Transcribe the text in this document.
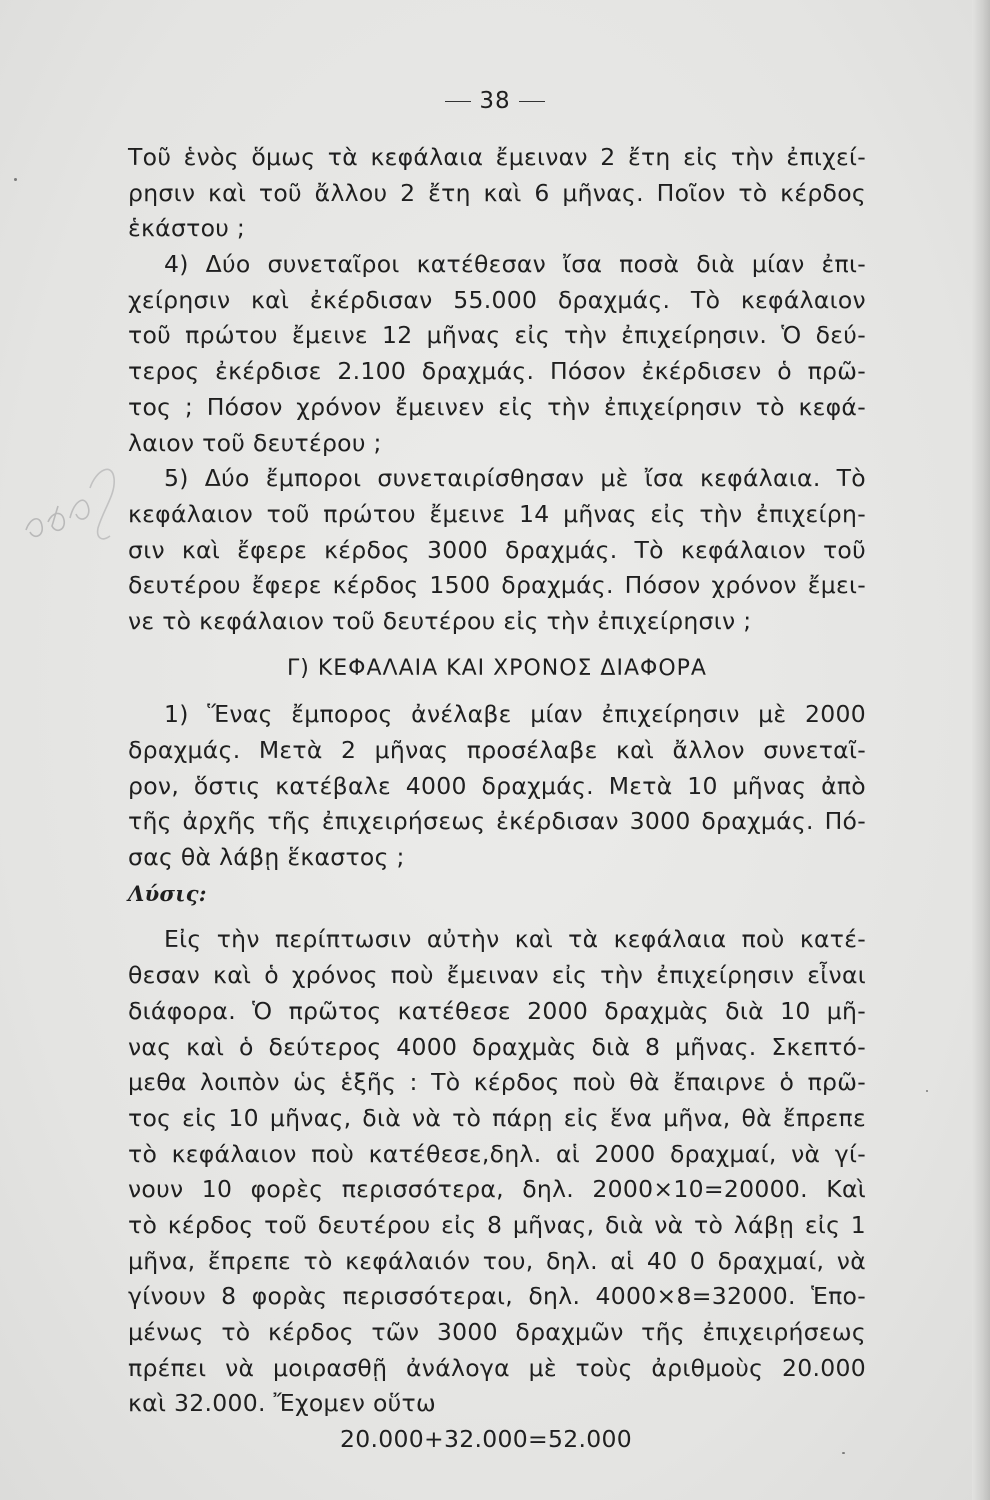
38
Τοῦ ἑνὸς ὅμως τὰ κεφάλαια ἔμειναν 2 ἔτη εἰς τὴν ἐπιχεί-
ρησιν καὶ τοῦ ἄλλου 2 ἔτη καὶ 6 μῆνας. Ποῖον τὸ κέρδος
ἑκάστου ;
4) Δύο συνεταῖροι κατέθεσαν ἴσα ποσὰ διὰ μίαν ἐπι-
χείρησιν καὶ ἐκέρδισαν 55.000 δραχμάς. Τὸ κεφάλαιον
τοῦ πρώτου ἔμεινε 12 μῆνας εἰς τὴν ἐπιχείρησιν. Ὁ δεύ-
τερος ἐκέρδισε 2.100 δραχμάς. Πόσον ἐκέρδισεν ὁ πρῶ-
τος ; Πόσον χρόνον ἔμεινεν εἰς τὴν ἐπιχείρησιν τὸ κεφά-
λαιον τοῦ δευτέρου ;
5) Δύο ἔμποροι συνεταιρίσθησαν μὲ ἴσα κεφάλαια. Τὸ
κεφάλαιον τοῦ πρώτου ἔμεινε 14 μῆνας εἰς τὴν ἐπιχείρη-
σιν καὶ ἔφερε κέρδος 3000 δραχμάς. Τὸ κεφάλαιον τοῦ
δευτέρου ἔφερε κέρδος 1500 δραχμάς. Πόσον χρόνον ἔμει-
νε τὸ κεφάλαιον τοῦ δευτέρου εἰς τὴν ἐπιχείρησιν ;
Γ) ΚΕΦΑΛΑΙΑ ΚΑΙ ΧΡΟΝΟΣ ΔΙΑΦΟΡΑ
1) Ἕνας ἔμπορος ἀνέλαβε μίαν ἐπιχείρησιν μὲ 2000
δραχμάς. Μετὰ 2 μῆνας προσέλαβε καὶ ἄλλον συνεταῖ-
ρον, ὅστις κατέβαλε 4000 δραχμάς. Μετὰ 10 μῆνας ἀπὸ
τῆς ἀρχῆς τῆς ἐπιχειρήσεως ἐκέρδισαν 3000 δραχμάς. Πό-
σας θὰ λάβῃ ἕκαστος ;
Λύσις:
Εἰς τὴν περίπτωσιν αὐτὴν καὶ τὰ κεφάλαια ποὺ κατέ-
θεσαν καὶ ὁ χρόνος ποὺ ἔμειναν εἰς τὴν ἐπιχείρησιν εἶναι
διάφορα. Ὁ πρῶτος κατέθεσε 2000 δραχμὰς διὰ 10 μῆ-
νας καὶ ὁ δεύτερος 4000 δραχμὰς διὰ 8 μῆνας. Σκεπτό-
μεθα λοιπὸν ὡς ἑξῆς : Τὸ κέρδος ποὺ θὰ ἔπαιρνε ὁ πρῶ-
τος εἰς 10 μῆνας, διὰ νὰ τὸ πάρῃ εἰς ἕνα μῆνα, θὰ ἔπρεπε
τὸ κεφάλαιον ποὺ κατέθεσε,δηλ. αἱ 2000 δραχμαί, νὰ γί-
νουν 10 φορὲς περισσότερα, δηλ. 2000×10=20000. Καὶ
τὸ κέρδος τοῦ δευτέρου εἰς 8 μῆνας, διὰ νὰ τὸ λάβῃ εἰς 1
μῆνα, ἔπρεπε τὸ κεφάλαιόν του, δηλ. αἱ 40 0 δραχμαί, νὰ
γίνουν 8 φορὰς περισσότεραι, δηλ. 4000×8=32000. Ἑπο-
μένως τὸ κέρδος τῶν 3000 δραχμῶν τῆς ἐπιχειρήσεως
πρέπει νὰ μοιρασθῇ ἀνάλογα μὲ τοὺς ἀριθμοὺς 20.000
καὶ 32.000. Ἔχομεν οὕτω
20.000+32.000=52.000
